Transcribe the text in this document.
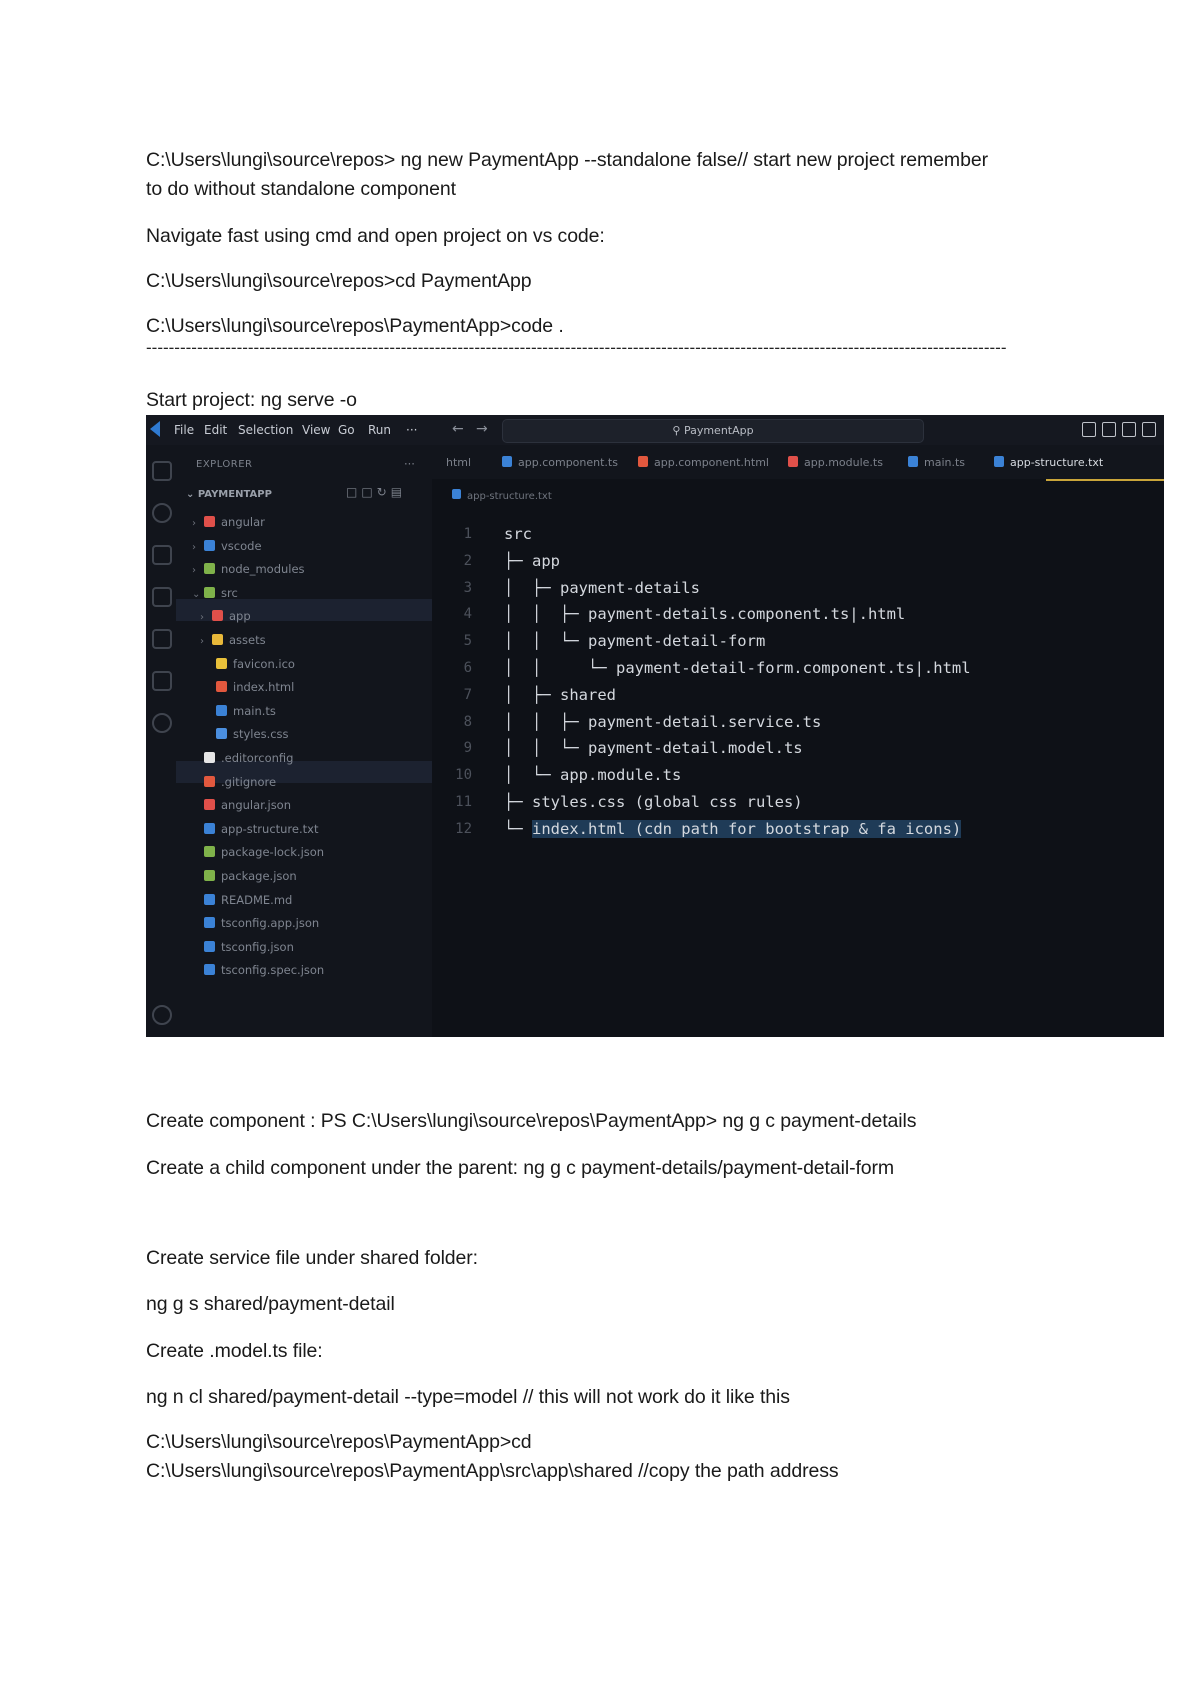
C:\Users\lungi\source\repos> ng new PaymentApp --standalone false// start new project remember
to do without standalone component
Navigate fast using cmd and open project on vs code:
C:\Users\lungi\source\repos>cd PaymentApp
C:\Users\lungi\source\repos\PaymentApp>code .
--------------------------------------------------------------------------------------------------------------------------------------------------------
Start project: ng serve -o
File Edit Selection View Go Run ··· ← →	⚲ PaymentApp
EXPLORER	···
⌄ PAYMENTAPP	□□↻▤
› angular
› vscode
› node_modules
⌄ src
› app
› assets
favicon.ico
index.html
main.ts
styles.css
.editorconfig
.gitignore
angular.json
app-structure.txt
package-lock.json
package.json
README.md
tsconfig.app.json
tsconfig.json
tsconfig.spec.json
app-structure.txt
1 src
2 ├─ app
3 │  ├─ payment-details
4 │  │  ├─ payment-details.component.ts|.html
5 │  │  └─ payment-detail-form
6 │  │     └─ payment-detail-form.component.ts|.html
7 │  ├─ shared
8 │  │  ├─ payment-detail.service.ts
9 │  │  └─ payment-detail.model.ts
10 │  └─ app.module.ts
11 ├─ styles.css (global css rules)
12 └─ index.html (cdn path for bootstrap & fa icons)
html	app.component.ts	app.component.html	app.module.ts	main.ts	app-structure.txt
Create component : PS C:\Users\lungi\source\repos\PaymentApp> ng g c payment-details
Create a child component under the parent: ng g c payment-details/payment-detail-form
Create service file under shared folder:
ng g s shared/payment-detail
Create .model.ts file:
ng n cl shared/payment-detail --type=model // this will not work do it like this
C:\Users\lungi\source\repos\PaymentApp>cd
C:\Users\lungi\source\repos\PaymentApp\src\app\shared //copy the path address
